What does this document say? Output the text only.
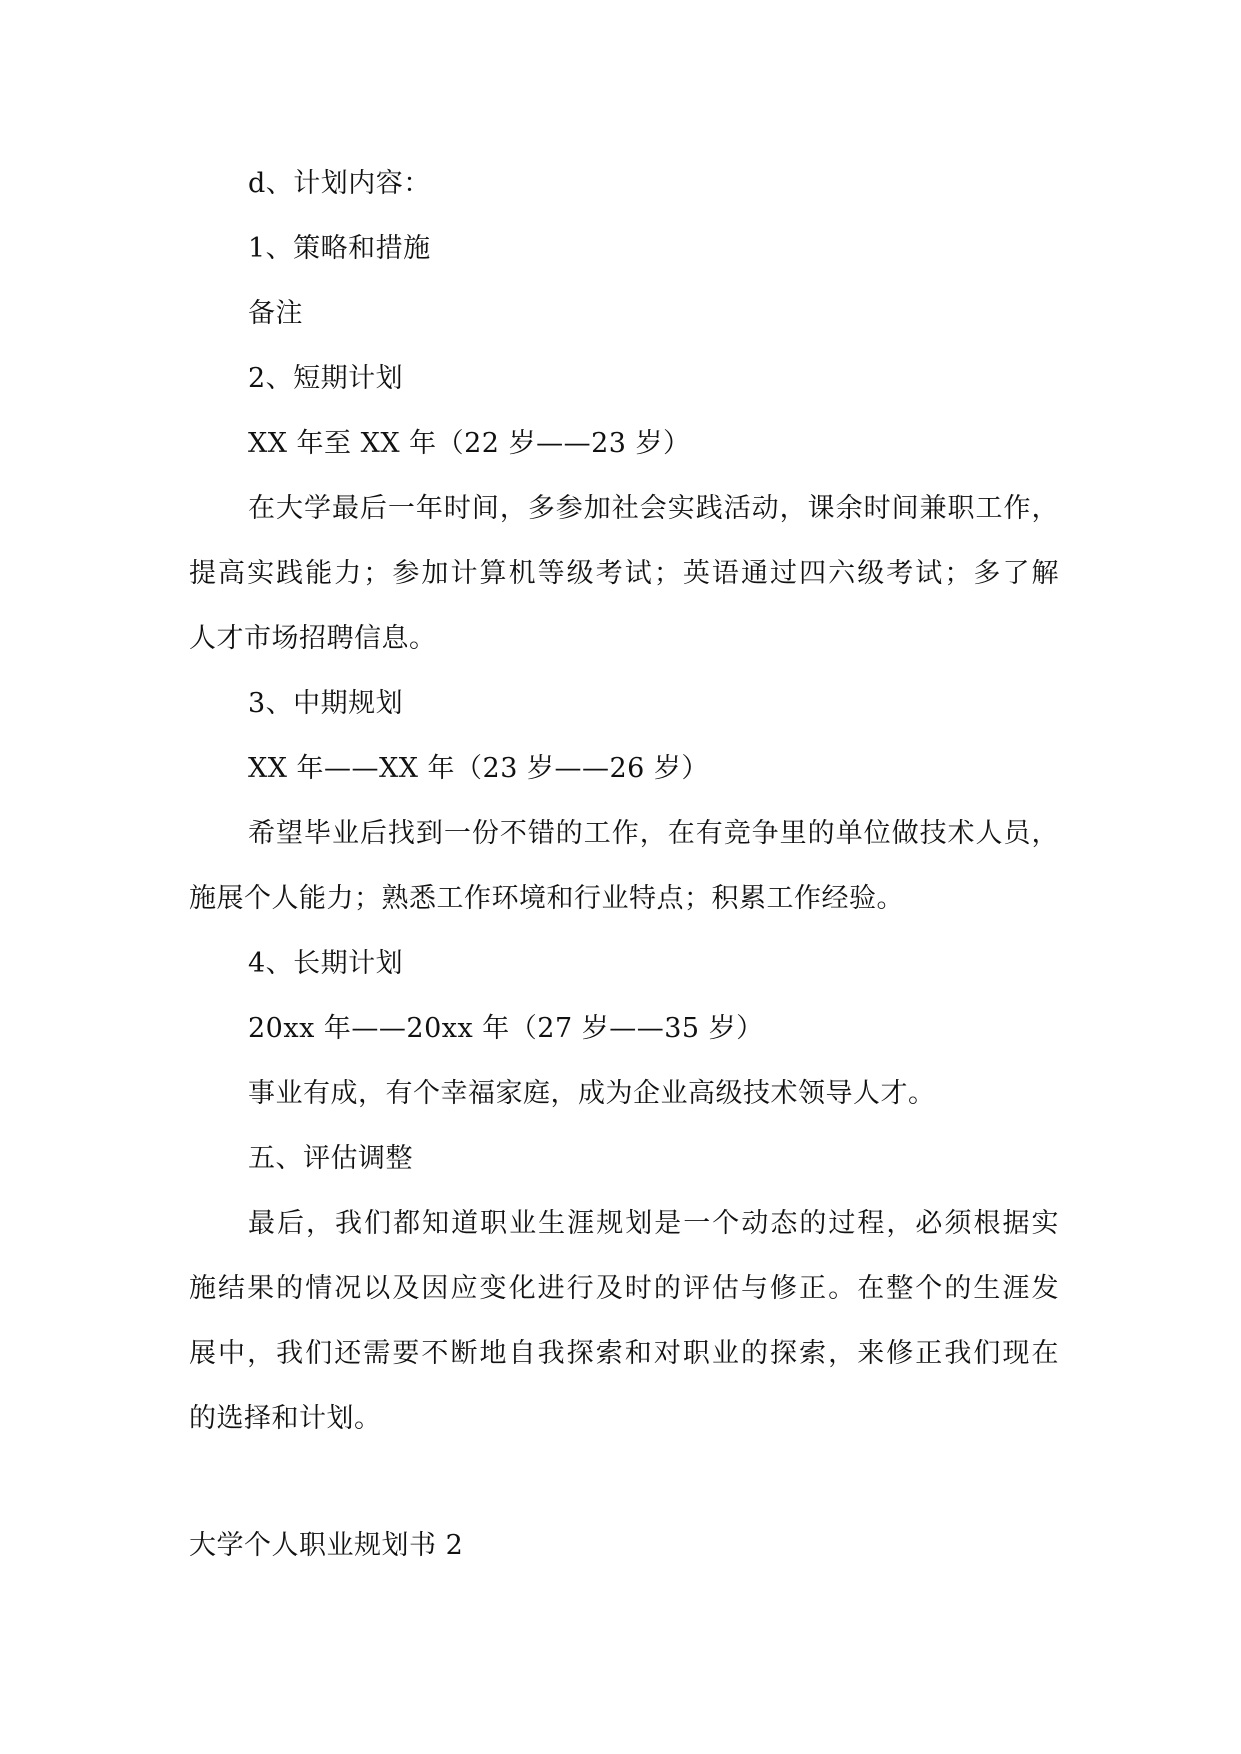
d、计划内容：
1、策略和措施
备注
2、短期计划
XX 年至 XX 年（22 岁——23 岁）
在大学最后一年时间，多参加社会实践活动，课余时间兼职工作，
提高实践能力；参加计算机等级考试；英语通过四六级考试；多了解
人才市场招聘信息。
3、中期规划
XX 年——XX 年（23 岁——26 岁）
希望毕业后找到一份不错的工作，在有竞争里的单位做技术人员，
施展个人能力；熟悉工作环境和行业特点；积累工作经验。
4、长期计划
20xx 年——20xx 年（27 岁——35 岁）
事业有成，有个幸福家庭，成为企业高级技术领导人才。
五、评估调整
最后，我们都知道职业生涯规划是一个动态的过程，必须根据实
施结果的情况以及因应变化进行及时的评估与修正。在整个的生涯发
展中，我们还需要不断地自我探索和对职业的探索，来修正我们现在
的选择和计划。
大学个人职业规划书 2
